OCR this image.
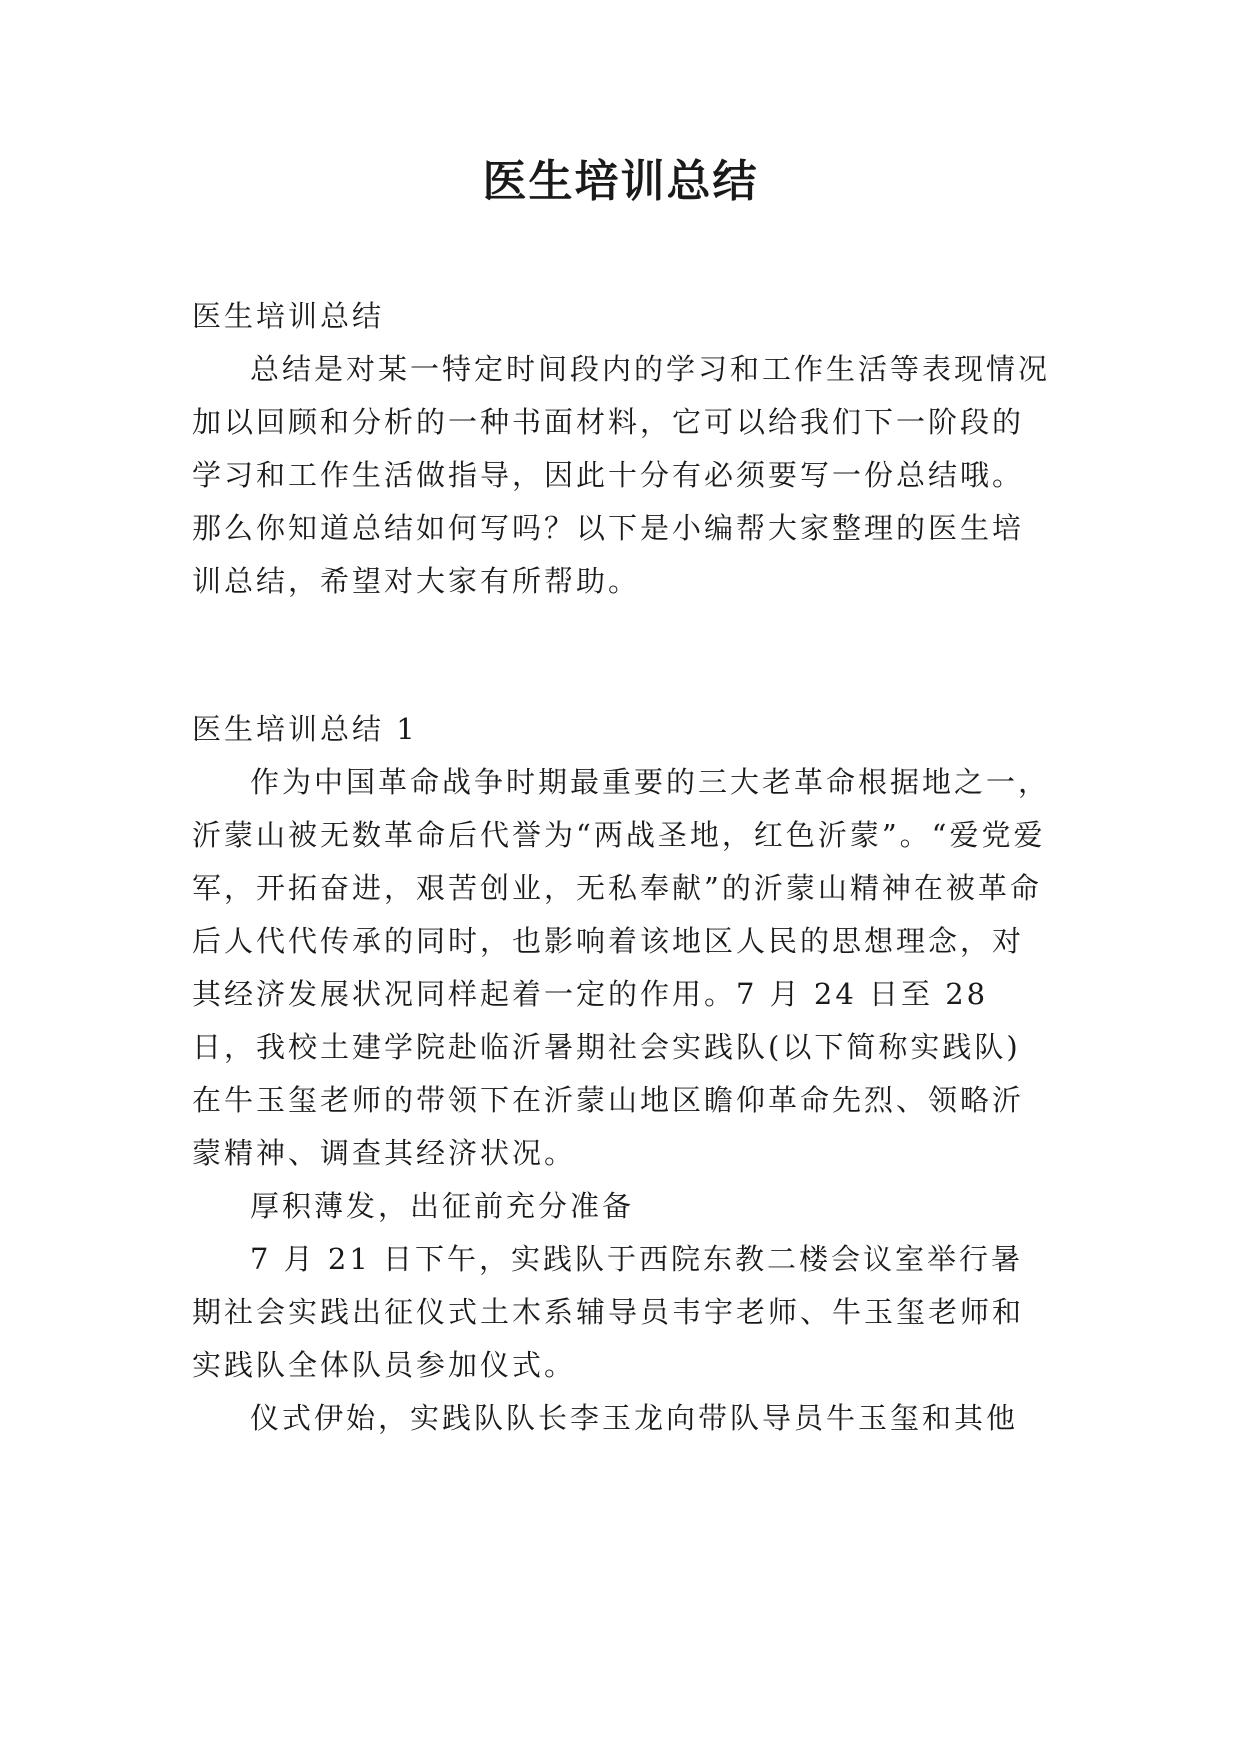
医生培训总结

医生培训总结

总结是对某一特定时间段内的学习和工作生活等表现情况加以回顾和分析的一种书面材料，它可以给我们下一阶段的学习和工作生活做指导，因此十分有必须要写一份总结哦。那么你知道总结如何写吗？以下是小编帮大家整理的医生培训总结，希望对大家有所帮助。

医生培训总结 1

作为中国革命战争时期最重要的三大老革命根据地之一，沂蒙山被无数革命后代誉为“两战圣地，红色沂蒙”。“爱党爱军，开拓奋进，艰苦创业，无私奉献”的沂蒙山精神在被革命后人代代传承的同时，也影响着该地区人民的思想理念，对其经济发展状况同样起着一定的作用。7 月 24 日至 28 日，我校土建学院赴临沂暑期社会实践队(以下简称实践队) 在牛玉玺老师的带领下在沂蒙山地区瞻仰革命先烈、领略沂蒙精神、调查其经济状况。

厚积薄发，出征前充分准备

7 月 21 日下午，实践队于西院东教二楼会议室举行暑期社会实践出征仪式土木系辅导员韦宇老师、牛玉玺老师和实践队全体队员参加仪式。

仪式伊始，实践队队长李玉龙向带队导员牛玉玺和其他
